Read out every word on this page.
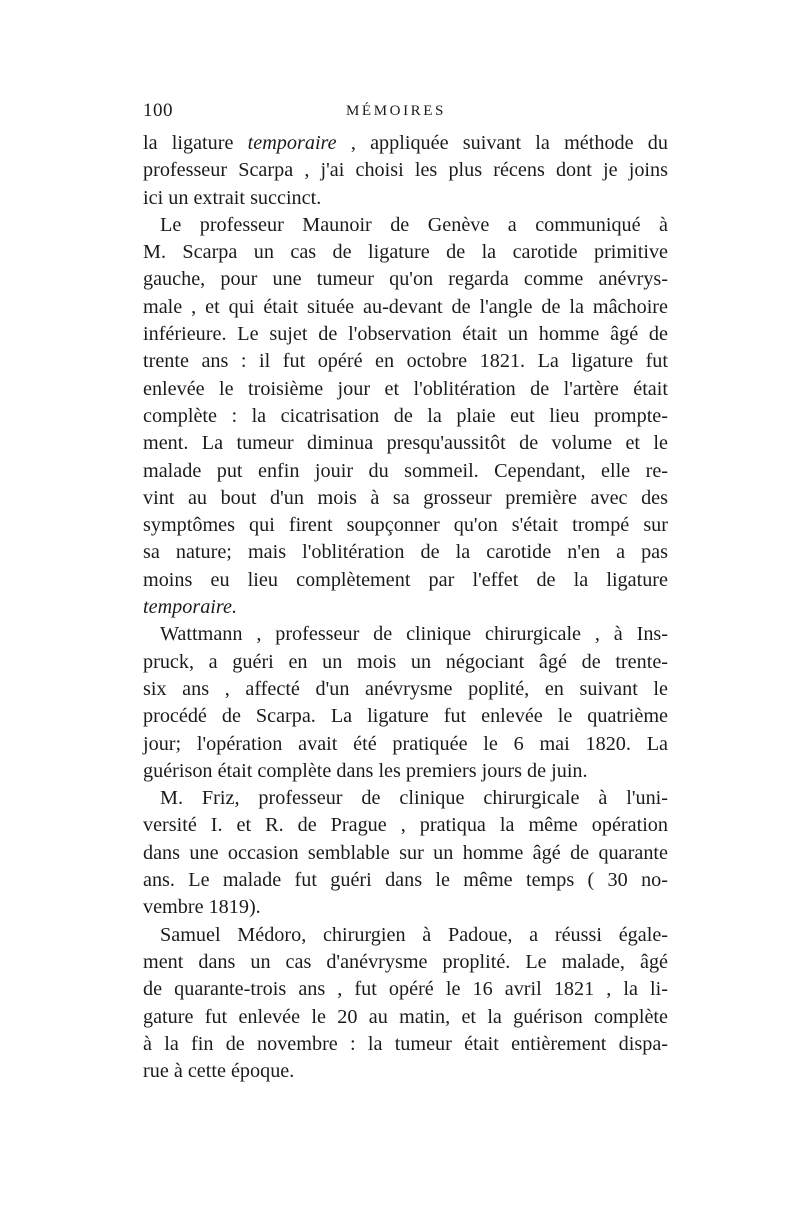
100	MÉMOIRES
la ligature temporaire , appliquée suivant la méthode du
professeur Scarpa , j'ai choisi les plus récens dont je joins
ici un extrait succinct.
Le professeur Maunoir de Genève a communiqué à
M. Scarpa un cas de ligature de la carotide primitive
gauche, pour une tumeur qu'on regarda comme anévrys-
male , et qui était située au-devant de l'angle de la mâchoire
inférieure. Le sujet de l'observation était un homme âgé de
trente ans : il fut opéré en octobre 1821. La ligature fut
enlevée le troisième jour et l'oblitération de l'artère était
complète : la cicatrisation de la plaie eut lieu prompte-
ment. La tumeur diminua presqu'aussitôt de volume et le
malade put enfin jouir du sommeil. Cependant, elle re-
vint au bout d'un mois à sa grosseur première avec des
symptômes qui firent soupçonner qu'on s'était trompé sur
sa nature; mais l'oblitération de la carotide n'en a pas
moins eu lieu complètement par l'effet de la ligature
temporaire.
Wattmann , professeur de clinique chirurgicale , à Ins-
pruck, a guéri en un mois un négociant âgé de trente-
six ans , affecté d'un anévrysme poplité, en suivant le
procédé de Scarpa. La ligature fut enlevée le quatrième
jour; l'opération avait été pratiquée le 6 mai 1820. La
guérison était complète dans les premiers jours de juin.
M. Friz, professeur de clinique chirurgicale à l'uni-
versité I. et R. de Prague , pratiqua la même opération
dans une occasion semblable sur un homme âgé de quarante
ans. Le malade fut guéri dans le même temps ( 30 no-
vembre 1819).
Samuel Médoro, chirurgien à Padoue, a réussi égale-
ment dans un cas d'anévrysme proplité. Le malade, âgé
de quarante-trois ans , fut opéré le 16 avril 1821 , la li-
gature fut enlevée le 20 au matin, et la guérison complète
à la fin de novembre : la tumeur était entièrement dispa-
rue à cette époque.
